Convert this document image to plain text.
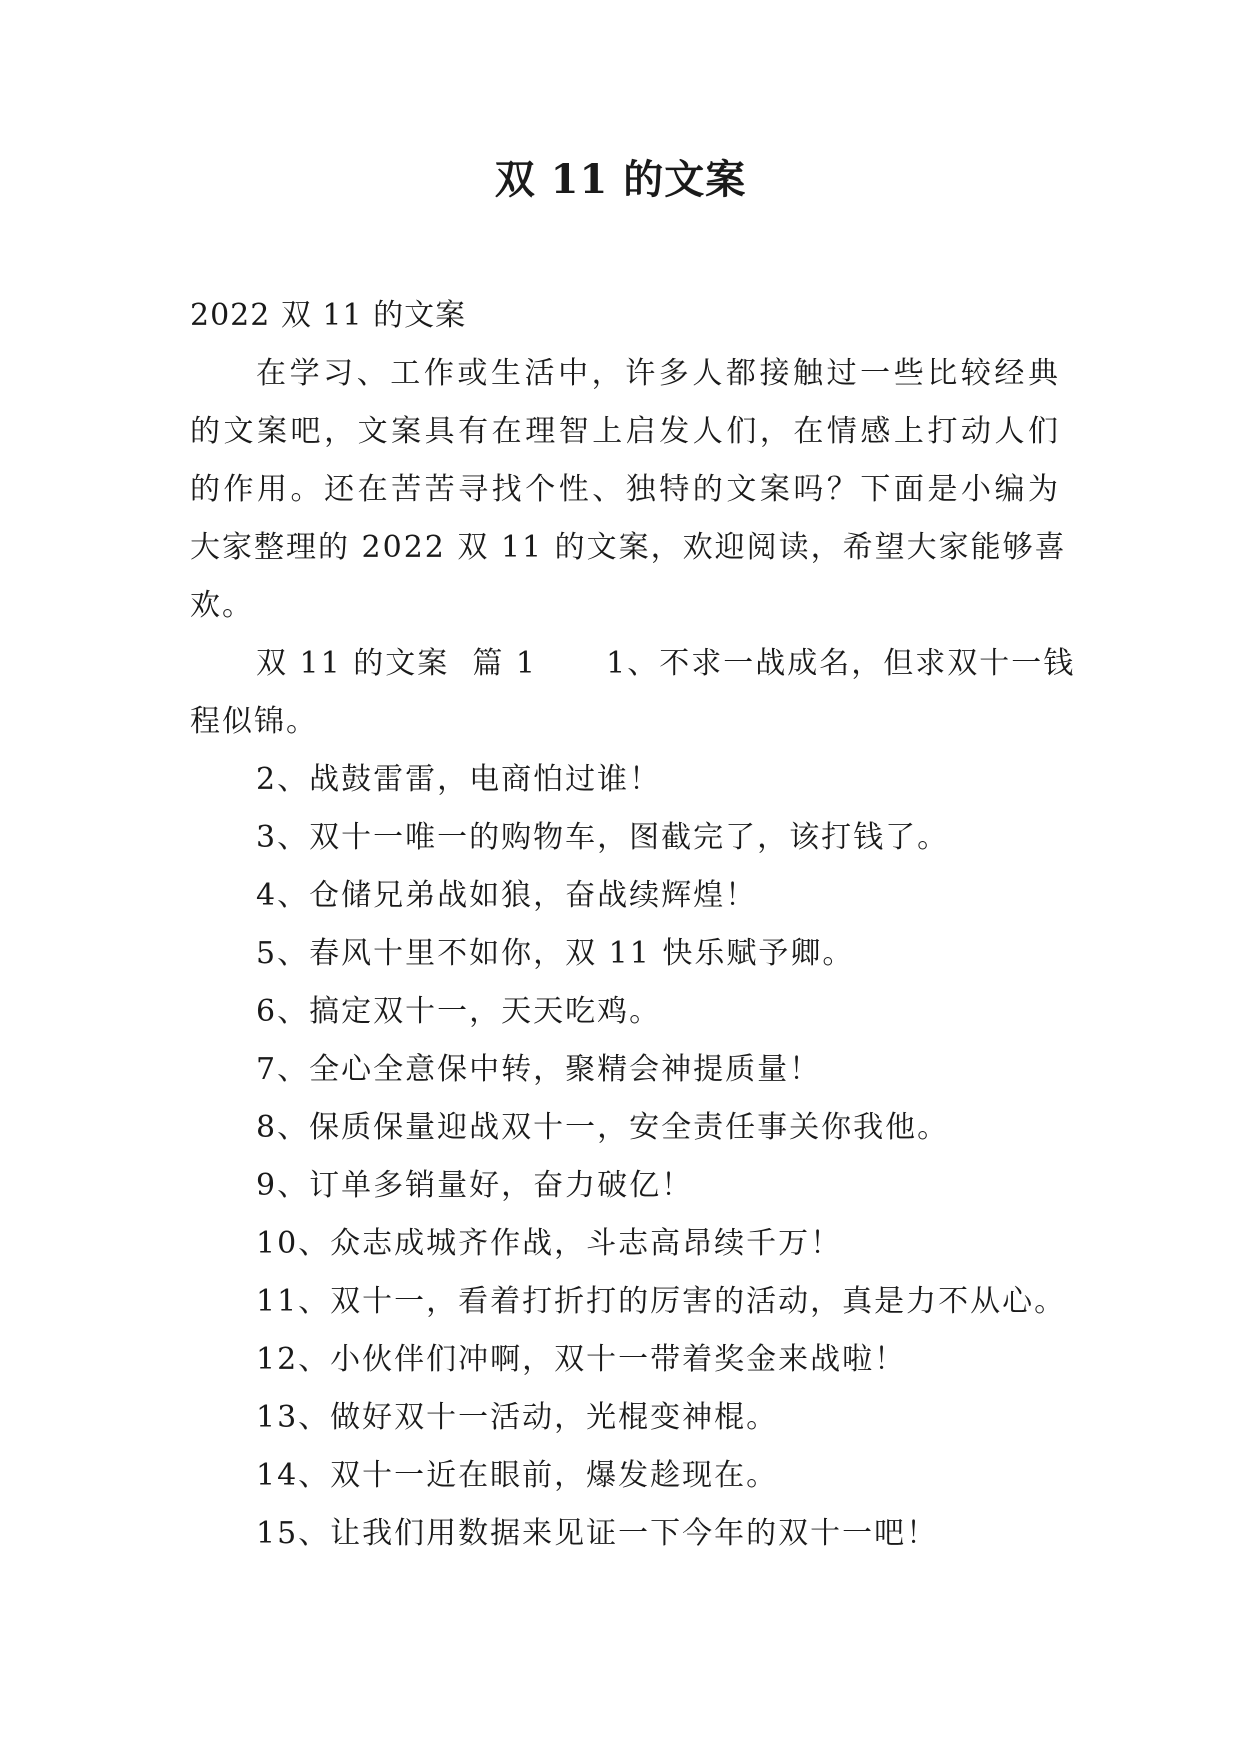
双 11 的文案

2022 双 11 的文案

在学习、工作或生活中，许多人都接触过一些比较经典

的文案吧，文案具有在理智上启发人们，在情感上打动人们

的作用。还在苦苦寻找个性、独特的文案吗？下面是小编为

大家整理的 2022 双 11 的文案，欢迎阅读，希望大家能够喜

欢。

双 11 的文案  篇 1      1、不求一战成名，但求双十一钱

程似锦。

2、战鼓雷雷，电商怕过谁！

3、双十一唯一的购物车，图截完了，该打钱了。

4、仓储兄弟战如狼，奋战续辉煌！

5、春风十里不如你，双 11 快乐赋予卿。

6、搞定双十一，天天吃鸡。

7、全心全意保中转，聚精会神提质量！

8、保质保量迎战双十一，安全责任事关你我他。

9、订单多销量好，奋力破亿！

10、众志成城齐作战，斗志高昂续千万！

11、双十一，看着打折打的厉害的活动，真是力不从心。

12、小伙伴们冲啊，双十一带着奖金来战啦！

13、做好双十一活动，光棍变神棍。

14、双十一近在眼前，爆发趁现在。

15、让我们用数据来见证一下今年的双十一吧！
